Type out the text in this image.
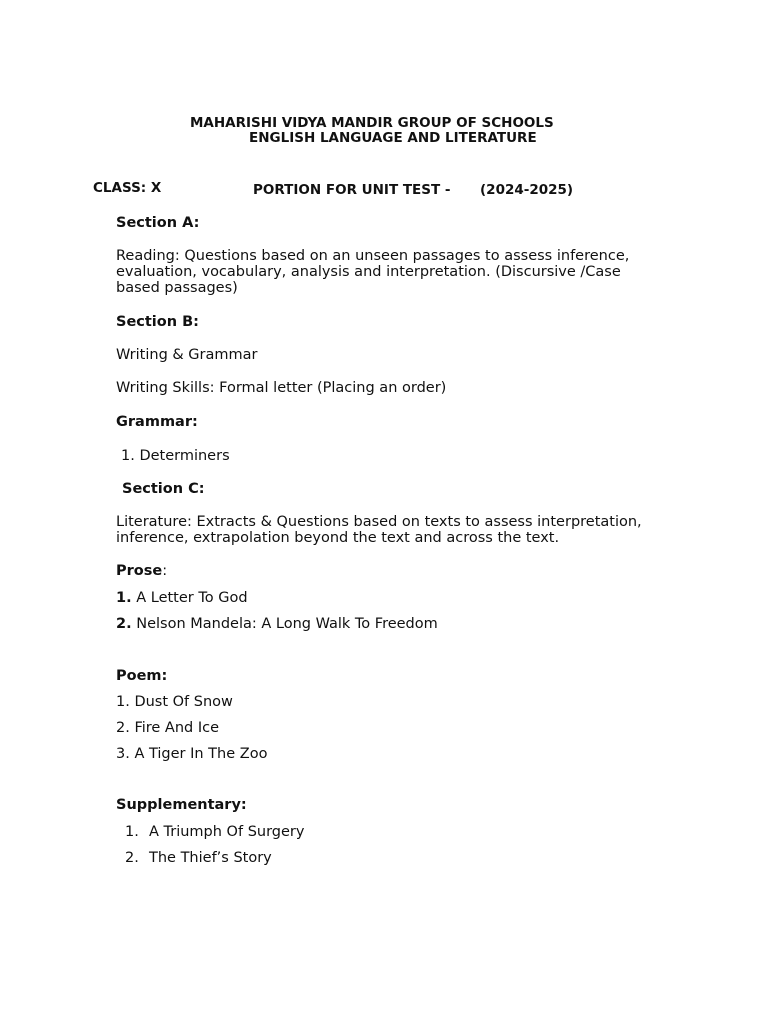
MAHARISHI VIDYA MANDIR GROUP OF SCHOOLS
ENGLISH LANGUAGE AND LITERATURE
CLASS: X	PORTION FOR UNIT TEST - (2024-2025)
Section A:
Reading: Questions based on an unseen passages to assess inference, evaluation, vocabulary, analysis and interpretation. (Discursive /Case based passages)
Section B:
Writing & Grammar
Writing Skills: Formal letter (Placing an order)
Grammar:
1. Determiners
Section C:
Literature: Extracts & Questions based on texts to assess interpretation, inference, extrapolation beyond the text and across the text.
Prose:
1. A Letter To God
2. Nelson Mandela: A Long Walk To Freedom
Poem:
1. Dust Of Snow
2. Fire And Ice
3. A Tiger In The Zoo
Supplementary:
1. A Triumph Of Surgery
2. The Thief’s Story
